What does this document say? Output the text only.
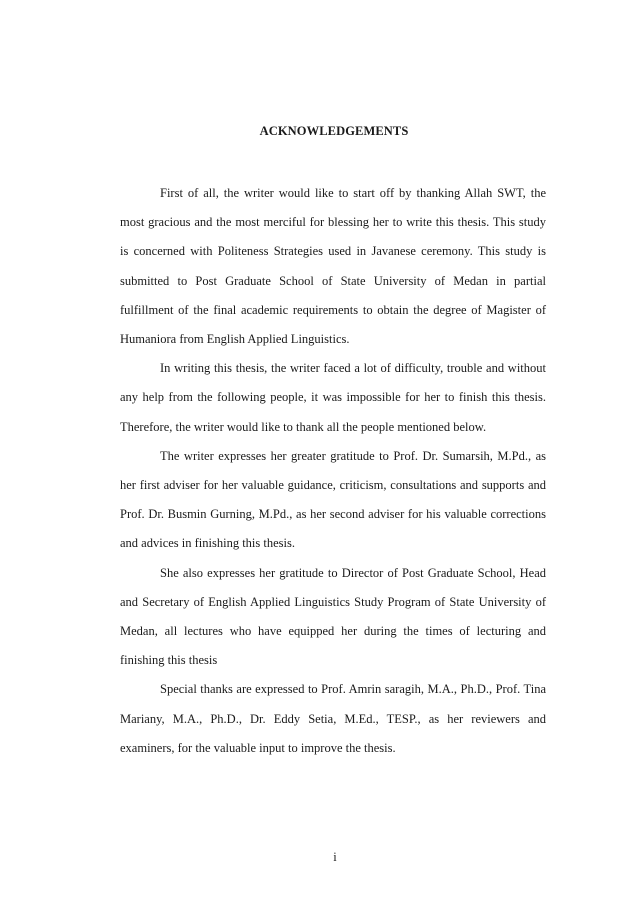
ACKNOWLEDGEMENTS

First of all, the writer would like to start off by thanking Allah SWT, the most gracious and the most merciful for blessing her to write this thesis. This study is concerned with Politeness Strategies used in Javanese ceremony. This study is submitted to Post Graduate School of State University of Medan in partial fulfillment of the final academic requirements to obtain the degree of Magister of Humaniora from English Applied Linguistics.

In writing this thesis, the writer faced a lot of difficulty, trouble and without any help from the following people, it was impossible for her to finish this thesis. Therefore, the writer would like to thank all the people mentioned below.

The writer expresses her greater gratitude to Prof. Dr. Sumarsih, M.Pd., as her first adviser for her valuable guidance, criticism, consultations and supports and Prof. Dr. Busmin Gurning, M.Pd., as her second adviser for his valuable corrections and advices in finishing this thesis.

She also expresses her gratitude to Director of Post Graduate School, Head and Secretary of English Applied Linguistics Study Program of State University of Medan, all lectures who have equipped her during the times of lecturing and finishing this thesis

Special thanks are expressed to Prof. Amrin saragih, M.A., Ph.D., Prof. Tina Mariany, M.A., Ph.D., Dr. Eddy Setia, M.Ed., TESP., as her reviewers and examiners, for the valuable input to improve the thesis.

i
